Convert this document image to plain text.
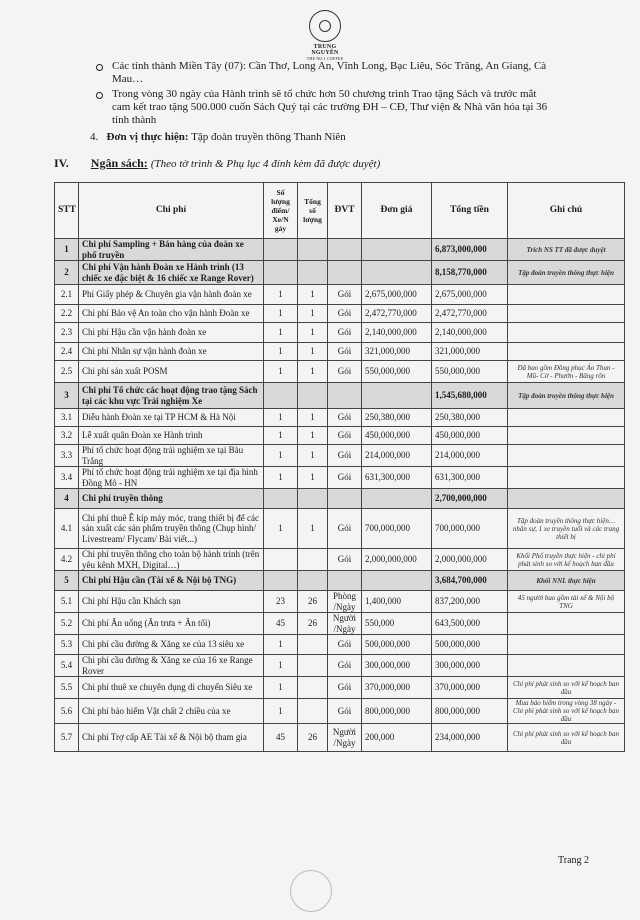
TRUNG NGUYÊN
THE NO.1 COFFEE
Các tỉnh thành Miền Tây (07): Cần Thơ, Long An, Vĩnh Long, Bạc Liêu, Sóc Trăng, An Giang, Cà
Mau…
Trong vòng 30 ngày của Hành trình sẽ tổ chức hơn 50 chương trình Trao tặng Sách và trước mắt
cam kết trao tặng 500.000 cuốn Sách Quý tại các trường ĐH – CĐ, Thư viện & Nhà văn hóa tại 36
tỉnh thành
4. Đơn vị thực hiện: Tập đoàn truyền thông Thanh Niên
IV. Ngân sách: (Theo tờ trình & Phụ lục 4 đính kèm đã được duyệt)
STT	Chi phí	Số lượng điểm/ Xe/N gày	Tổng số lượng	ĐVT	Đơn giá	Tổng tiền	Ghi chú
1	Chi phí Sampling + Bán hàng của đoàn xe phố truyền					6,873,000,000	Trích NS TT đã được duyệt
2	Chi phí Vận hành Đoàn xe Hành trình (13 chiếc xe đặc biệt & 16 chiếc xe Range Rover)					8,158,770,000	Tập đoàn truyền thông thực hiện
2.1	Phí Giấy phép & Chuyên gia vận hành đoàn xe	1	1	Gói	2,675,000,000	2,675,000,000	
2.2	Chi phí Bảo vệ An toàn cho vận hành Đoàn xe	1	1	Gói	2,472,770,000	2,472,770,000	
2.3	Chi phí Hậu cần vận hành đoàn xe	1	1	Gói	2,140,000,000	2,140,000,000	
2.4	Chi phí Nhân sự vận hành đoàn xe	1	1	Gói	321,000,000	321,000,000	
2.5	Chi phí sản xuất POSM	1	1	Gói	550,000,000	550,000,000	Đã bao gồm Đồng phục Áo Thun - Mũ- Cờ - Phướn - Băng rôn
3	Chi phí Tổ chức các hoạt động trao tặng Sách tại các khu vực Trải nghiệm Xe					1,545,680,000	Tập đoàn truyền thông thực hiện
3.1	Diễu hành Đoàn xe tại TP HCM & Hà Nội	1	1	Gói	250,380,000	250,380,000	
3.2	Lễ xuất quân Đoàn xe Hành trình	1	1	Gói	450,000,000	450,000,000	
3.3	Phí tổ chức hoạt động trải nghiệm xe tại Bàu Trắng	1	1	Gói	214,000,000	214,000,000	
3.4	Phí tổ chức hoạt động trải nghiệm xe tại địa hình Đồng Mô - HN	1	1	Gói	631,300,000	631,300,000	
4	Chi phí truyền thông					2,700,000,000	
4.1	Chi phí thuê Ê kíp máy móc, trang thiết bị để các sản xuất các sản phẩm truyền thông (Chụp hình/ Livestream/ Flycam/ Bài viết...)	1	1	Gói	700,000,000	700,000,000	Tập đoàn truyền thông thực hiện… nhân sự, 1 xe truyền tuổi và các trang thiết bị
4.2	Chi phí truyền thông cho toàn bộ hành trình (trên yêu kênh MXH, Digital…)			Gói	2,000,000,000	2,000,000,000	Khối Phố truyền thực hiện - chi phí phát sinh so với kế hoạch ban đầu
5	Chi phí Hậu cần (Tài xế & Nội bộ TNG)					3,684,700,000	Khối NNL thực hiện
5.1	Chi phí Hậu cần Khách sạn	23	26	Phòng /Ngày	1,400,000	837,200,000	45 người bao gồm tài xế & Nội bộ TNG
5.2	Chi phí Ăn uống (Ăn trưa + Ăn tối)	45	26	Người /Ngày	550,000	643,500,000	
5.3	Chi phí cầu đường & Xăng xe của 13 siêu xe	1		Gói	500,000,000	500,000,000	
5.4	Chi phí cầu đường & Xăng xe của 16 xe Range Rover	1		Gói	300,000,000	300,000,000	
5.5	Chi phí thuê xe chuyên dụng di chuyển Siêu xe	1		Gói	370,000,000	370,000,000	Chi phí phát sinh so với kế hoạch ban đầu
5.6	Chi phí bảo hiểm Vật chất 2 chiều của xe	1		Gói	800,000,000	800,000,000	Mua bảo hiểm trong vòng 38 ngày - Chi phí phát sinh so với kế hoạch ban đầu
5.7	Chi phí Trợ cấp AE Tài xế & Nội bộ tham gia	45	26	Người /Ngày	200,000	234,000,000	Chi phí phát sinh so với kế hoạch ban đầu
Trang 2
